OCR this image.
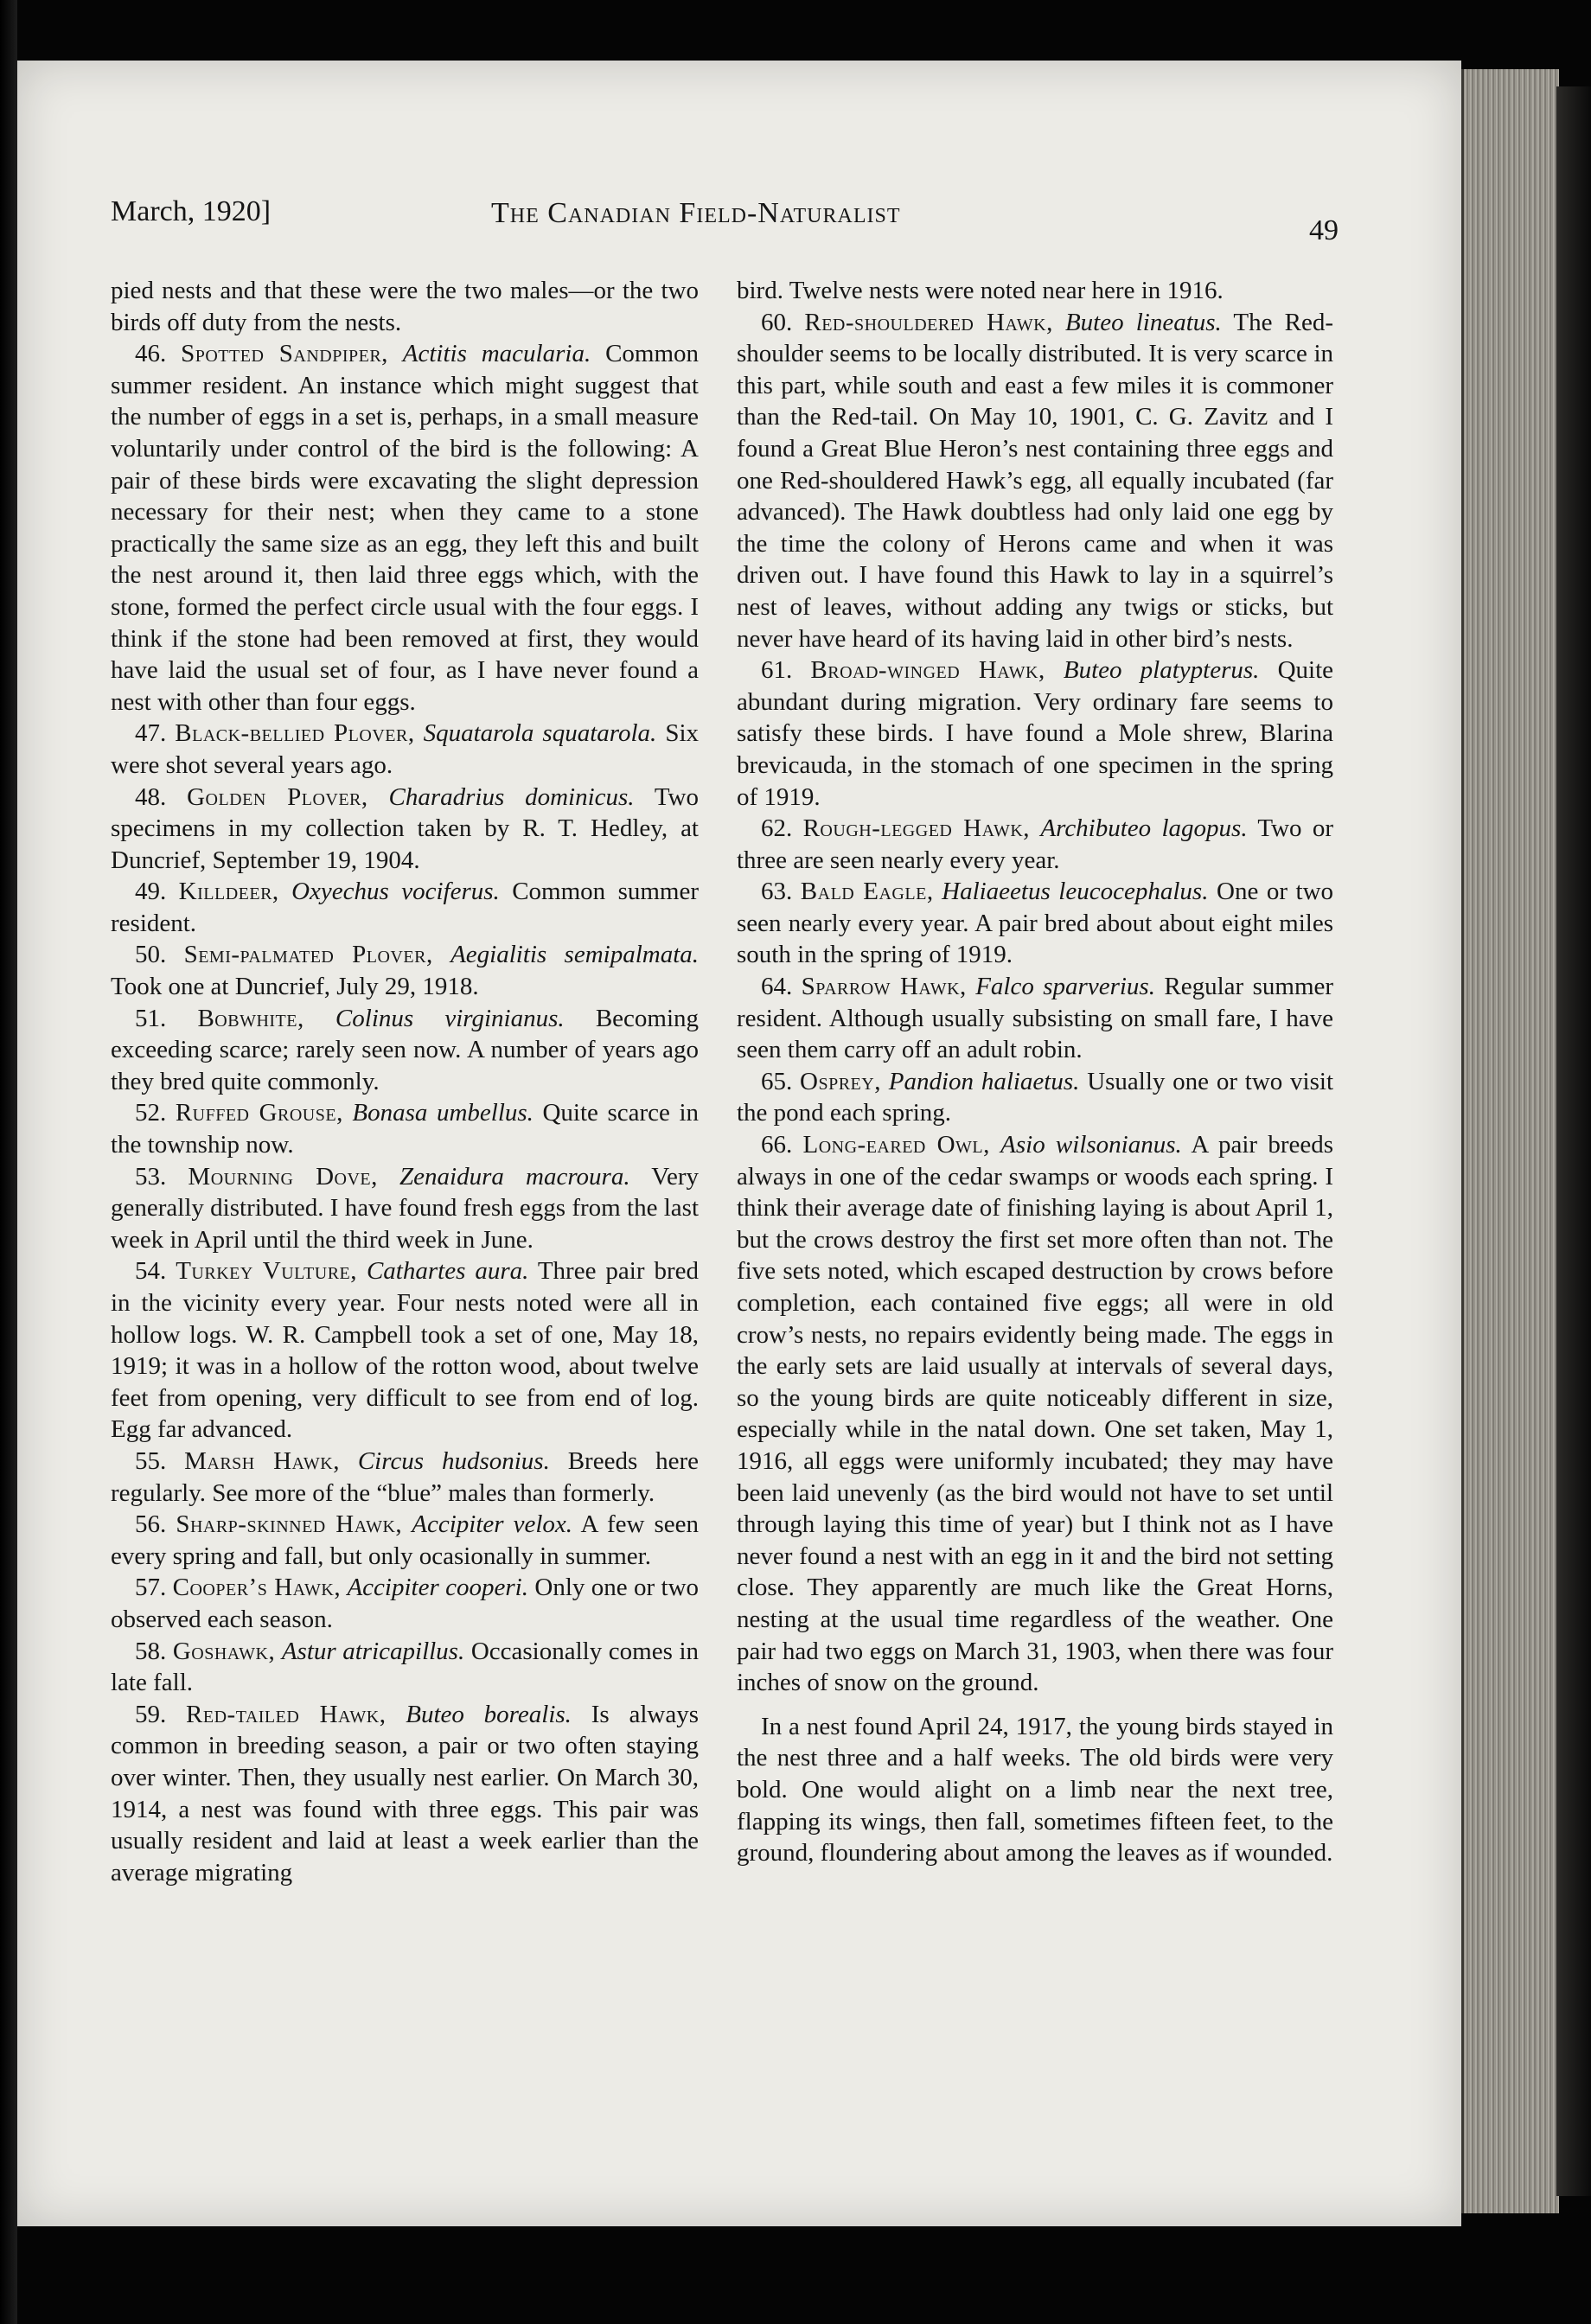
March, 1920]	The Canadian Field-Naturalist
49

pied nests and that these were the two males—or the two birds off duty from the nests.

46. Spotted Sandpiper, Actitis macularia. Common summer resident. An instance which might suggest that the number of eggs in a set is, perhaps, in a small measure voluntarily under control of the bird is the following: A pair of these birds were excavating the slight depression necessary for their nest; when they came to a stone practically the same size as an egg, they left this and built the nest around it, then laid three eggs which, with the stone, formed the perfect circle usual with the four eggs. I think if the stone had been removed at first, they would have laid the usual set of four, as I have never found a nest with other than four eggs.

47. Black-bellied Plover, Squatarola squatarola. Six were shot several years ago.

48. Golden Plover, Charadrius dominicus. Two specimens in my collection taken by R. T. Hedley, at Duncrief, September 19, 1904.

49. Killdeer, Oxyechus vociferus. Common summer resident.

50. Semi-palmated Plover, Aegialitis semipalmata. Took one at Duncrief, July 29, 1918.

51. Bobwhite, Colinus virginianus. Becoming exceeding scarce; rarely seen now. A number of years ago they bred quite commonly.

52. Ruffed Grouse, Bonasa umbellus. Quite scarce in the township now.

53. Mourning Dove, Zenaidura macroura. Very generally distributed. I have found fresh eggs from the last week in April until the third week in June.

54. Turkey Vulture, Cathartes aura. Three pair bred in the vicinity every year. Four nests noted were all in hollow logs. W. R. Campbell took a set of one, May 18, 1919; it was in a hollow of the rotton wood, about twelve feet from opening, very difficult to see from end of log. Egg far advanced.

55. Marsh Hawk, Circus hudsonius. Breeds here regularly. See more of the “blue” males than formerly.

56. Sharp-skinned Hawk, Accipiter velox. A few seen every spring and fall, but only ocasionally in summer.

57. Cooper’s Hawk, Accipiter cooperi. Only one or two observed each season.

58. Goshawk, Astur atricapillus. Occasionally comes in late fall.

59. Red-tailed Hawk, Buteo borealis. Is always common in breeding season, a pair or two often staying over winter. Then, they usually nest earlier. On March 30, 1914, a nest was found with three eggs. This pair was usually resident and laid at least a week earlier than the average migrating

bird. Twelve nests were noted near here in 1916.

60. Red-shouldered Hawk, Buteo lineatus. The Red-shoulder seems to be locally distributed. It is very scarce in this part, while south and east a few miles it is commoner than the Red-tail. On May 10, 1901, C. G. Zavitz and I found a Great Blue Heron’s nest containing three eggs and one Red-shouldered Hawk’s egg, all equally incubated (far advanced). The Hawk doubtless had only laid one egg by the time the colony of Herons came and when it was driven out. I have found this Hawk to lay in a squirrel’s nest of leaves, without adding any twigs or sticks, but never have heard of its having laid in other bird’s nests.

61. Broad-winged Hawk, Buteo platypterus. Quite abundant during migration. Very ordinary fare seems to satisfy these birds. I have found a Mole shrew, Blarina brevicauda, in the stomach of one specimen in the spring of 1919.

62. Rough-legged Hawk, Archibuteo lagopus. Two or three are seen nearly every year.

63. Bald Eagle, Haliaeetus leucocephalus. One or two seen nearly every year. A pair bred about about eight miles south in the spring of 1919.

64. Sparrow Hawk, Falco sparverius. Regular summer resident. Although usually subsisting on small fare, I have seen them carry off an adult robin.

65. Osprey, Pandion haliaetus. Usually one or two visit the pond each spring.

66. Long-eared Owl, Asio wilsonianus. A pair breeds always in one of the cedar swamps or woods each spring. I think their average date of finishing laying is about April 1, but the crows destroy the first set more often than not. The five sets noted, which escaped destruction by crows before completion, each contained five eggs; all were in old crow’s nests, no repairs evidently being made. The eggs in the early sets are laid usually at intervals of several days, so the young birds are quite noticeably different in size, especially while in the natal down. One set taken, May 1, 1916, all eggs were uniformly incubated; they may have been laid unevenly (as the bird would not have to set until through laying this time of year) but I think not as I have never found a nest with an egg in it and the bird not setting close. They apparently are much like the Great Horns, nesting at the usual time regardless of the weather. One pair had two eggs on March 31, 1903, when there was four inches of snow on the ground.

In a nest found April 24, 1917, the young birds stayed in the nest three and a half weeks. The old birds were very bold. One would alight on a limb near the next tree, flapping its wings, then fall, sometimes fifteen feet, to the ground, floundering about among the leaves as if wounded.
